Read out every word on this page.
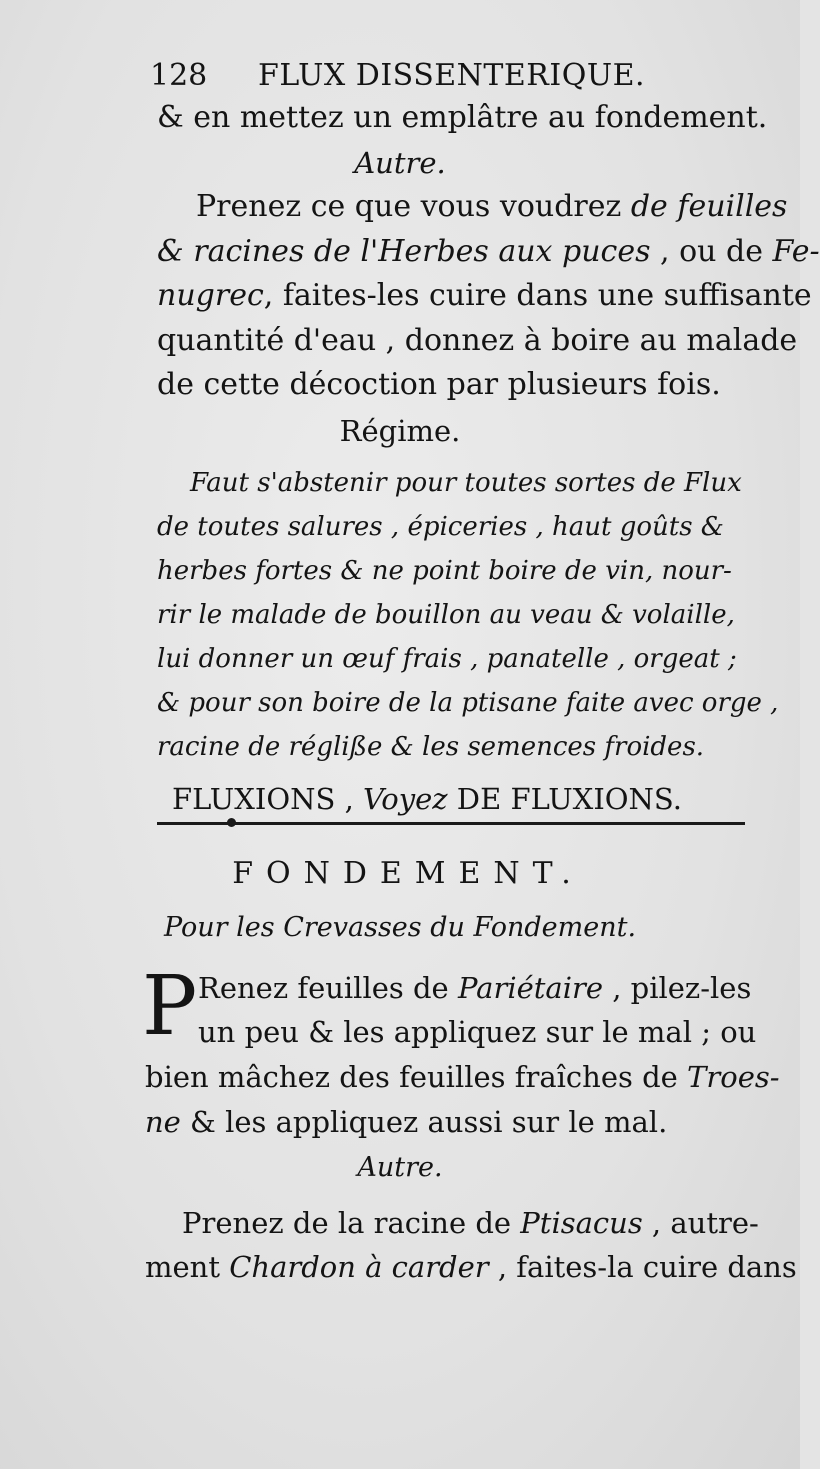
128 FLUX DISSENTERIQUE.
& en mettez un emplâtre au fondement.
Autre.
Prenez ce que vous voudrez de feuilles
& racines de l'Herbes aux puces , ou de Fe-
nugrec, faites-les cuire dans une suffisante
quantité d'eau , donnez à boire au malade
de cette décoction par plusieurs fois.
Régime.
Faut s'abstenir pour toutes sortes de Flux
de toutes salures , épiceries , haut goûts &
herbes fortes & ne point boire de vin, nour-
rir le malade de bouillon au veau & volaille,
lui donner un œuf frais , panatelle , orgeat ;
& pour son boire de la ptisane faite avec orge ,
racine de régliße & les semences froides.
FLUXIONS , Voyez DE FLUXIONS.
FONDEMENT.
Pour les Crevasses du Fondement.
P Renez feuilles de Pariétaire , pilez-les
un peu & les appliquez sur le mal ; ou
bien mâchez des feuilles fraîches de Troes-
ne & les appliquez aussi sur le mal.
Autre.
Prenez de la racine de Ptisacus , autre-
ment Chardon à carder , faites-la cuire dans
